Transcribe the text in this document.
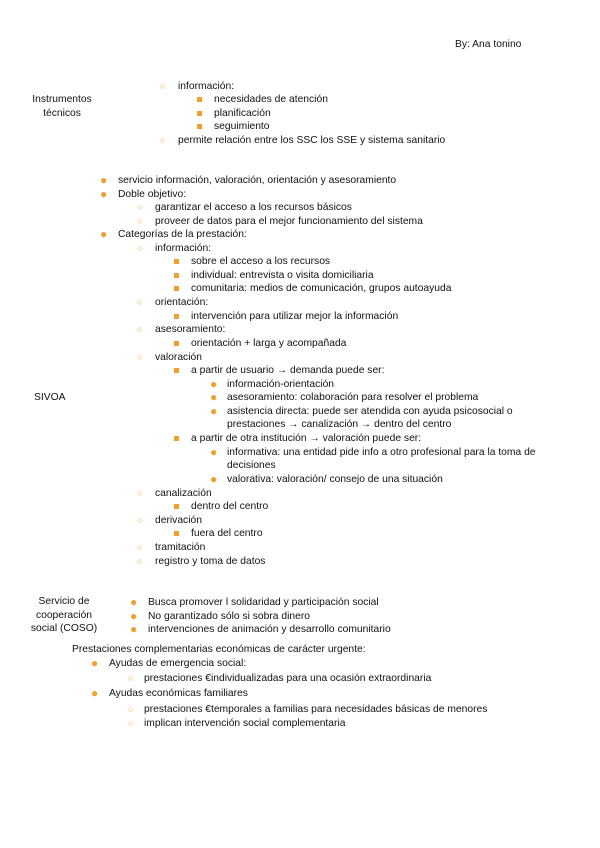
By: Ana tonino
Instrumentos
técnicos
○ información:
necesidades de atención
planificación
seguimiento
○ permite relación entre los SSC los SSE y sistema sanitario
SIVOA
● servicio información, valoración, orientación y asesoramiento
● Doble objetivo:
○ garantizar el acceso a los recursos básicos
○ proveer de datos para el mejor funcionamiento del sistema
● Categorías de la prestación:
○ información:
sobre el acceso a los recursos
individual: entrevista o visita domiciliaria
comunitaria: medios de comunicación, grupos autoayuda
○ orientación:
intervención para utilizar mejor la información
○ asesoramiento:
orientación + larga y acompañada
○ valoración
a partir de usuario → demanda puede ser:
● información-orientación
● asesoramiento: colaboración para resolver el problema
● asistencia directa: puede ser atendida con ayuda psicosocial o
prestaciones → canalización → dentro del centro
a partir de otra institución → valoración puede ser:
● informativa: una entidad pide info a otro profesional para la toma de
decisiones
● valorativa: valoración/ consejo de una situación
○ canalización
dentro del centro
○ derivación
fuera del centro
○ tramitación
○ registro y toma de datos
Servicio de
cooperación
social (COSO)
● Busca promover l solidaridad y participación social
● No garantizado sólo si sobra dinero
● intervenciones de animación y desarrollo comunitario
Prestaciones complementarias económicas de carácter urgente:
● Ayudas de emergencia social:
○ prestaciones €individualizadas para una ocasión extraordinaria
● Ayudas económicas familiares
○ prestaciones €temporales a familias para necesidades básicas de menores
○ implican intervención social complementaria
